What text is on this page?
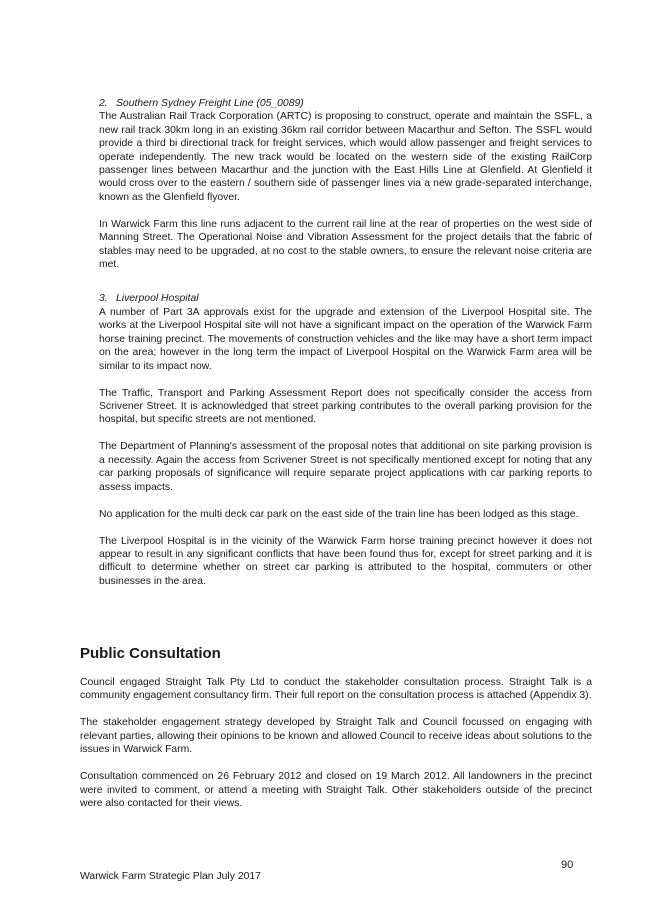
2. Southern Sydney Freight Line (05_0089)

The Australian Rail Track Corporation (ARTC) is proposing to construct, operate and maintain the SSFL, a new rail track 30km long in an existing 36km rail corridor between Macarthur and Sefton. The SSFL would provide a third bi directional track for freight services, which would allow passenger and freight services to operate independently. The new track would be located on the western side of the existing RailCorp passenger lines between Macarthur and the junction with the East Hills Line at Glenfield. At Glenfield it would cross over to the eastern / southern side of passenger lines via a new grade-separated interchange, known as the Glenfield flyover.

In Warwick Farm this line runs adjacent to the current rail line at the rear of properties on the west side of Manning Street. The Operational Noise and Vibration Assessment for the project details that the fabric of stables may need to be upgraded, at no cost to the stable owners, to ensure the relevant noise criteria are met.

3. Liverpool Hospital

A number of Part 3A approvals exist for the upgrade and extension of the Liverpool Hospital site. The works at the Liverpool Hospital site will not have a significant impact on the operation of the Warwick Farm horse training precinct. The movements of construction vehicles and the like may have a short term impact on the area; however in the long term the impact of Liverpool Hospital on the Warwick Farm area will be similar to its impact now.

The Traffic, Transport and Parking Assessment Report does not specifically consider the access from Scrivener Street. It is acknowledged that street parking contributes to the overall parking provision for the hospital, but specific streets are not mentioned.

The Department of Planning's assessment of the proposal notes that additional on site parking provision is a necessity. Again the access from Scrivener Street is not specifically mentioned except for noting that any car parking proposals of significance will require separate project applications with car parking reports to assess impacts.

No application for the multi deck car park on the east side of the train line has been lodged as this stage.

The Liverpool Hospital is in the vicinity of the Warwick Farm horse training precinct however it does not appear to result in any significant conflicts that have been found thus for, except for street parking and it is difficult to determine whether on street car parking is attributed to the hospital, commuters or other businesses in the area.

Public Consultation

Council engaged Straight Talk Pty Ltd to conduct the stakeholder consultation process. Straight Talk is a community engagement consultancy firm. Their full report on the consultation process is attached (Appendix 3).

The stakeholder engagement strategy developed by Straight Talk and Council focussed on engaging with relevant parties, allowing their opinions to be known and allowed Council to receive ideas about solutions to the issues in Warwick Farm.

Consultation commenced on 26 February 2012 and closed on 19 March 2012. All landowners in the precinct were invited to comment, or attend a meeting with Straight Talk. Other stakeholders outside of the precinct were also contacted for their views.

90
Warwick Farm Strategic Plan July 2017
